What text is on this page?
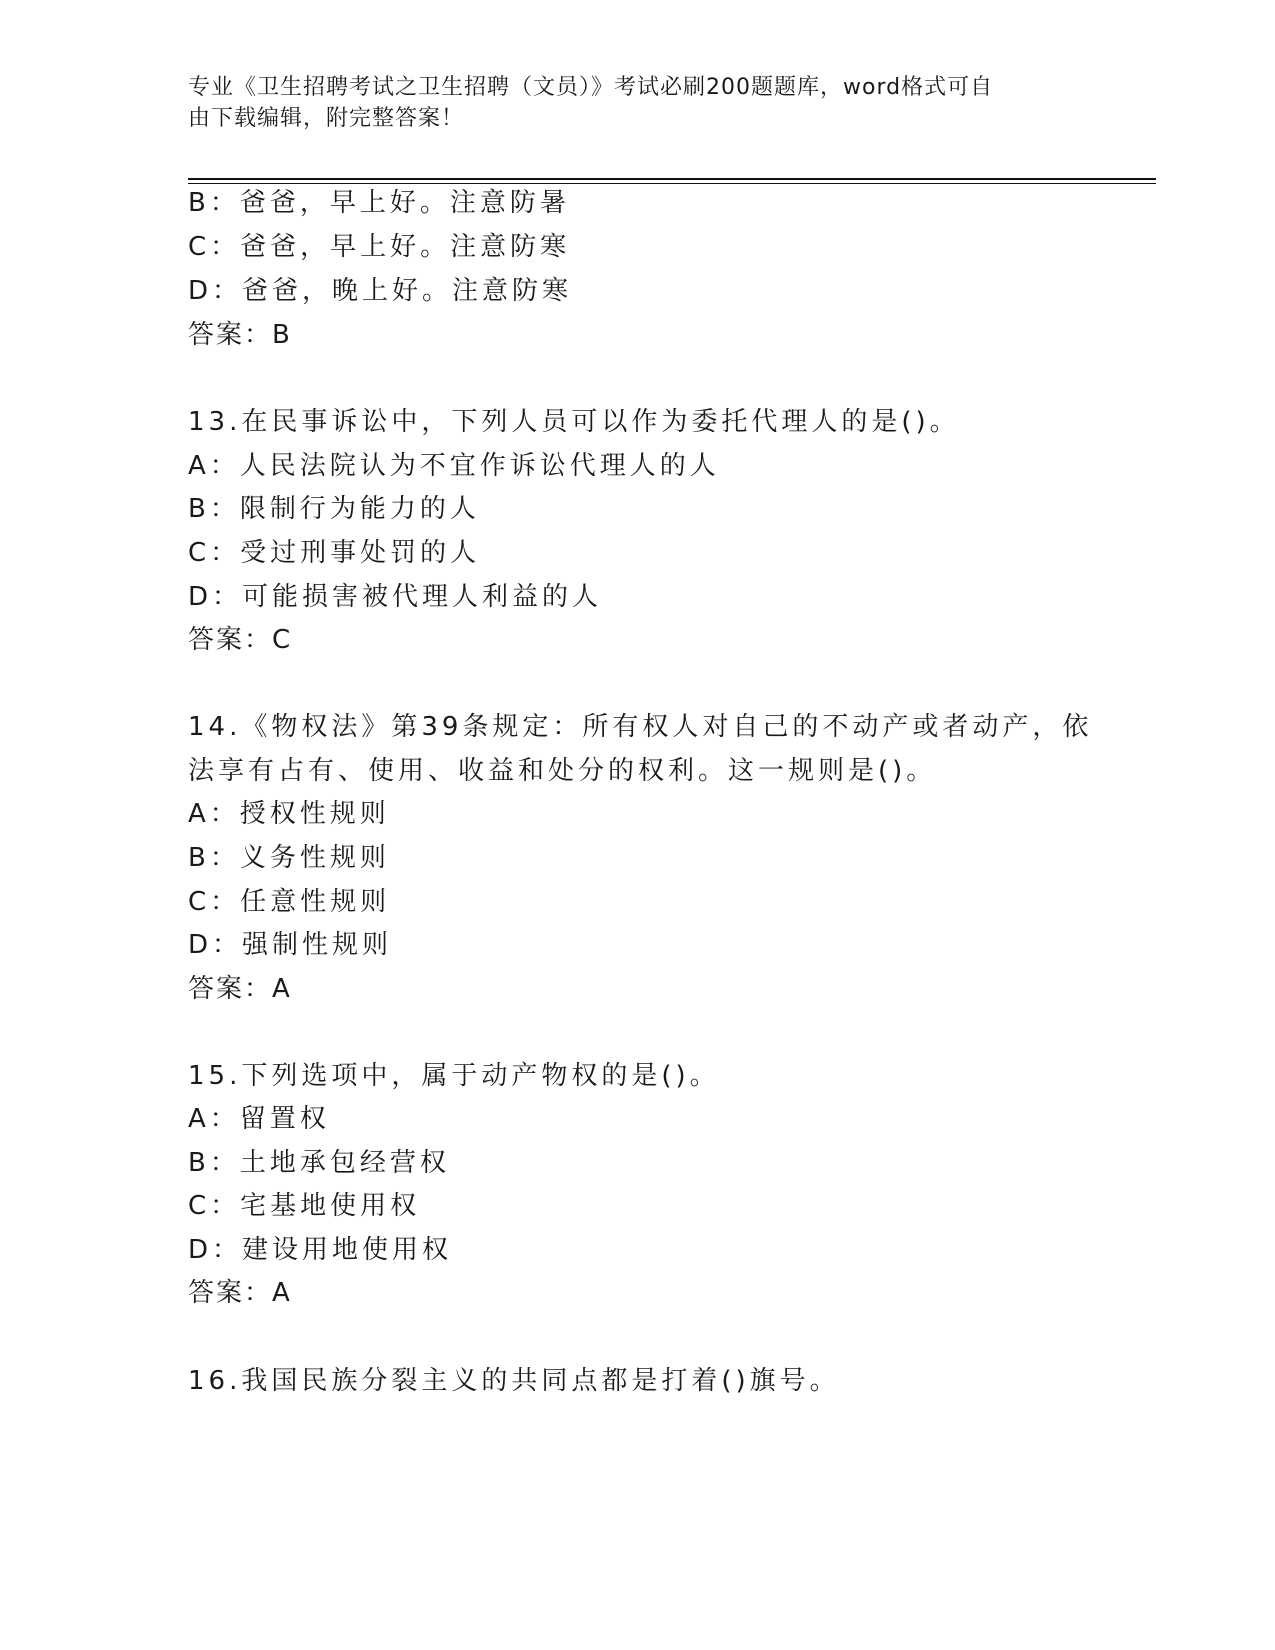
专业《卫生招聘考试之卫生招聘（文员）》考试必刷200题题库，word格式可自
由下载编辑，附完整答案！
B：爸爸，早上好。注意防暑
C：爸爸，早上好。注意防寒
D：爸爸，晚上好。注意防寒
答案：B
13.在民事诉讼中，下列人员可以作为委托代理人的是()。
A：人民法院认为不宜作诉讼代理人的人
B：限制行为能力的人
C：受过刑事处罚的人
D：可能损害被代理人利益的人
答案：C
14.《物权法》第39条规定：所有权人对自己的不动产或者动产，依
法享有占有、使用、收益和处分的权利。这一规则是()。
A：授权性规则
B：义务性规则
C：任意性规则
D：强制性规则
答案：A
15.下列选项中，属于动产物权的是()。
A：留置权
B：土地承包经营权
C：宅基地使用权
D：建设用地使用权
答案：A
16.我国民族分裂主义的共同点都是打着()旗号。
